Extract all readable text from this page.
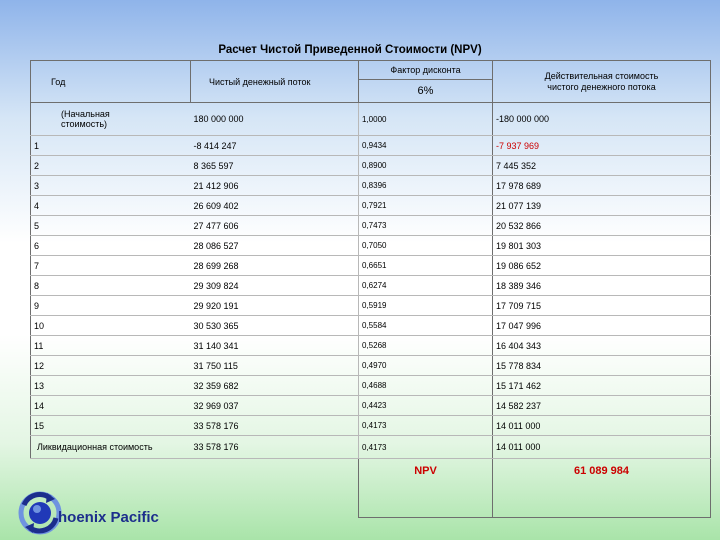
Расчет Чистой Приведенной Стоимости (NPV)
Год	Чистый денежный поток	Фактор дисконта	Действительная стоимость
чистого денежного потока
		6%	
(Начальная
стоимость)	180 000 000	1,0000	-180 000 000
1	-8 414 247	0,9434	-7 937 969
2	8 365 597	0,8900	7 445 352
3	21 412 906	0,8396	17 978 689
4	26 609 402	0,7921	21 077 139
5	27 477 606	0,7473	20 532 866
6	28 086 527	0,7050	19 801 303
7	28 699 268	0,6651	19 086 652
8	29 309 824	0,6274	18 389 346
9	29 920 191	0,5919	17 709 715
10	30 530 365	0,5584	17 047 996
11	31 140 341	0,5268	16 404 343
12	31 750 115	0,4970	15 778 834
13	32 359 682	0,4688	15 171 462
14	32 969 037	0,4423	14 582 237
15	33 578 176	0,4173	14 011 000
Ликвидационная стоимость	33 578 176	0,4173	14 011 000
		NPV	61 089 984
hoenix Pacific
